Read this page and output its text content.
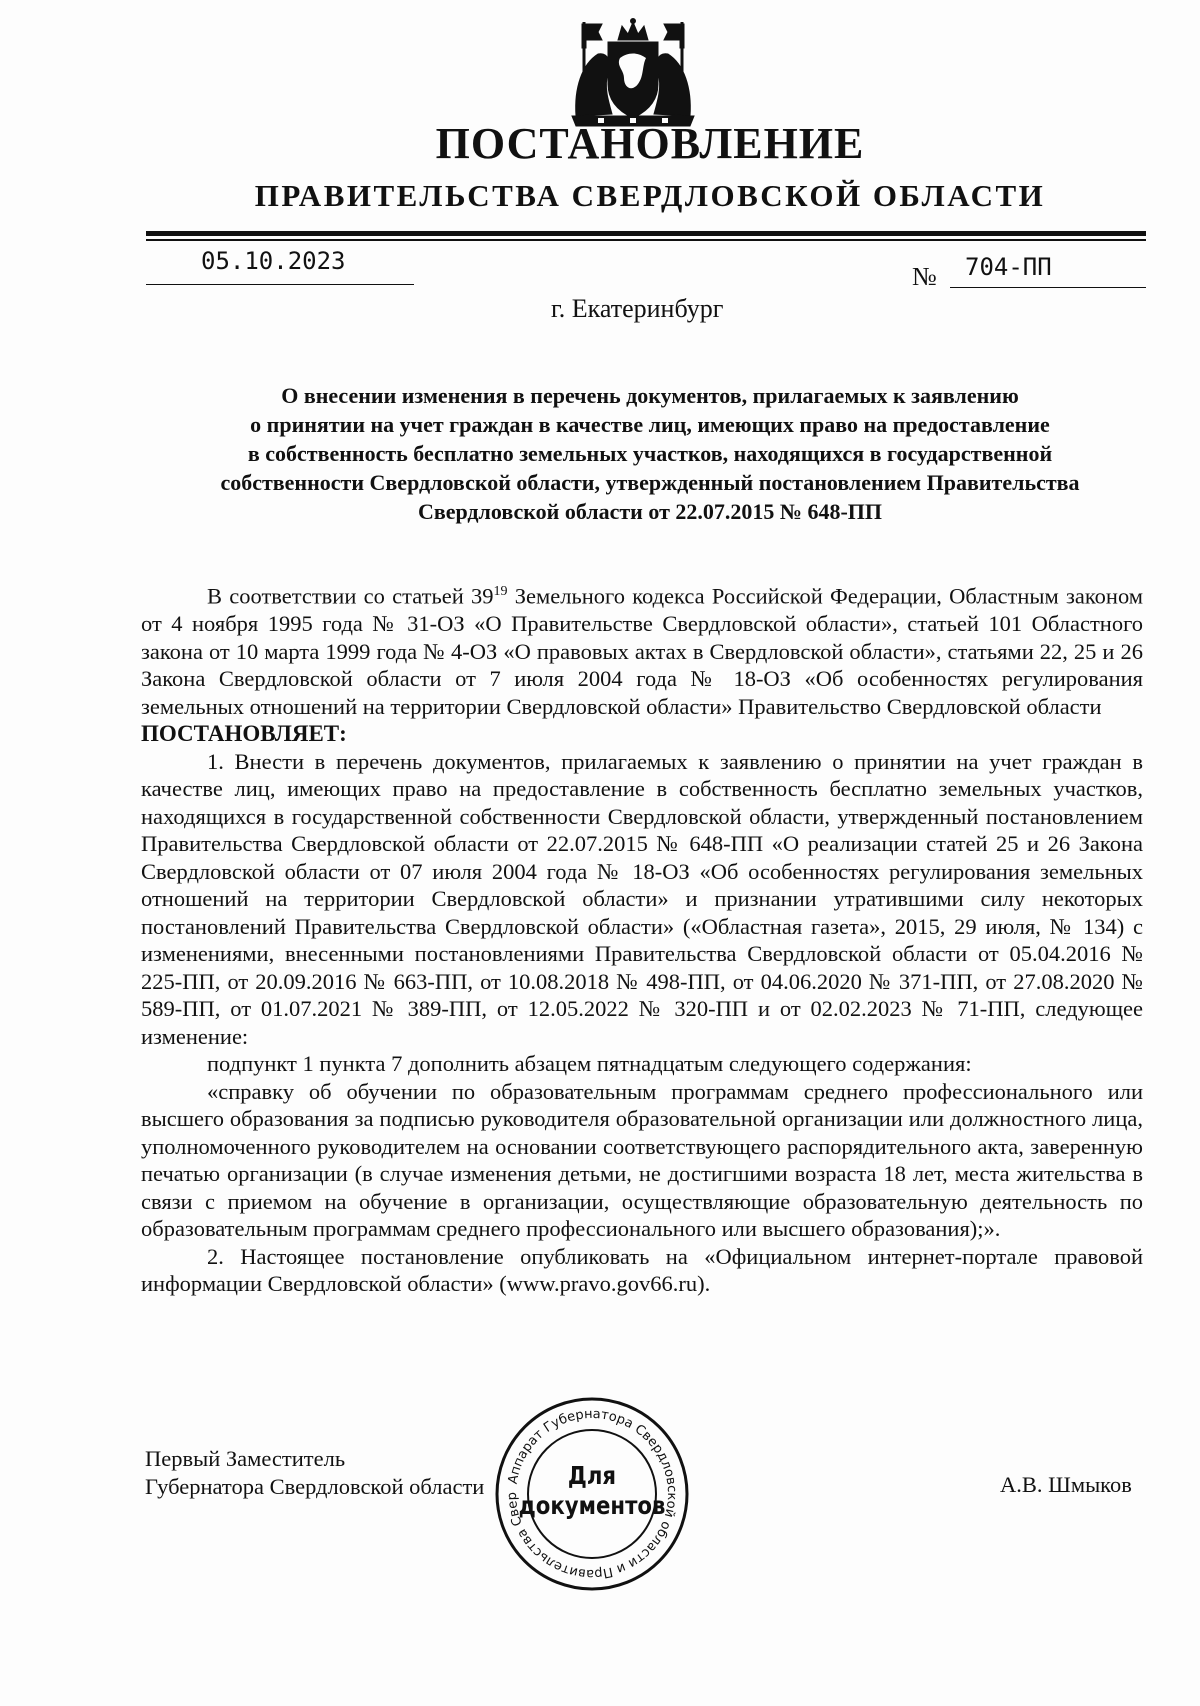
ПОСТАНОВЛЕНИЕ
ПРАВИТЕЛЬСТВА СВЕРДЛОВСКОЙ ОБЛАСТИ
05.10.2023
№ 704-ПП
г. Екатеринбург
О внесении изменения в перечень документов, прилагаемых к заявлению
о принятии на учет граждан в качестве лиц, имеющих право на предоставление
в собственность бесплатно земельных участков, находящихся в государственной
собственности Свердловской области, утвержденный постановлением Правительства
Свердловской области от 22.07.2015 № 648-ПП

В соответствии со статьей $39^{19}$ Земельного кодекса Российской Федерации, Областным законом от 4 ноября 1995 года № 31-ОЗ «О Правительстве Свердловской области», статьей 101 Областного закона от 10 марта 1999 года № 4-ОЗ «О правовых актах в Свердловской области», статьями 22, 25 и 26 Закона Свердловской области от 7 июля 2004 года № 18-ОЗ «Об особенностях регулирования земельных отношений на территории Свердловской области» Правительство Свердловской области

ПОСТАНОВЛЯЕТ:

1. Внести в перечень документов, прилагаемых к заявлению о принятии на учет граждан в качестве лиц, имеющих право на предоставление в собственность бесплатно земельных участков, находящихся в государственной собственности Свердловской области, утвержденный постановлением Правительства Свердловской области от 22.07.2015 № 648-ПП «О реализации статей 25 и 26 Закона Свердловской области от 07 июля 2004 года № 18-ОЗ «Об особенностях регулирования земельных отношений на территории Свердловской области» и признании утратившими силу некоторых постановлений Правительства Свердловской области» («Областная газета», 2015, 29 июля, № 134) с изменениями, внесенными постановлениями Правительства Свердловской области от 05.04.2016 № 225-ПП, от 20.09.2016 № 663-ПП, от 10.08.2018 № 498-ПП, от 04.06.2020 № 371-ПП, от 27.08.2020 № 589-ПП, от 01.07.2021 № 389-ПП, от 12.05.2022 № 320-ПП и от 02.02.2023 № 71-ПП, следующее изменение:

подпункт 1 пункта 7 дополнить абзацем пятнадцатым следующего содержания:

«справку об обучении по образовательным программам среднего профессионального или высшего образования за подписью руководителя образовательной организации или должностного лица, уполномоченного руководителем на основании соответствующего распорядительного акта, заверенную печатью организации (в случае изменения детьми, не достигшими возраста 18 лет, места жительства в связи с приемом на обучение в организации, осуществляющие образовательную деятельность по образовательным программам среднего профессионального или высшего образования);».

2. Настоящее постановление опубликовать на «Официальном интернет-портале правовой информации Свердловской области» (www.pravo.gov66.ru).

Первый Заместитель
Губернатора Свердловской области	А.В. Шмыков
Аппарат Губернатора Свердловской области и Правительства Свер
Для
документов
